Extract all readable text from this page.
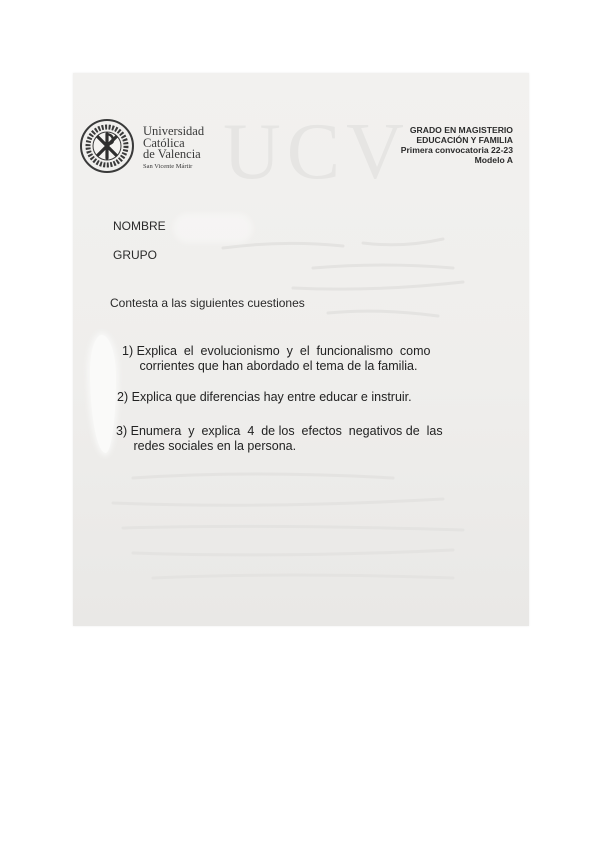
UCV
Universidad
Católica
de Valencia
San Vicente Mártir
GRADO EN MAGISTERIO
EDUCACIÓN Y FAMILIA
Primera convocatoria 22-23
Modelo A
NOMBRE
GRUPO
Contesta a las siguientes cuestiones
1) Explica  el  evolucionismo  y  el  funcionalismo  como
corrientes que han abordado el tema de la familia.
2) Explica que diferencias hay entre educar e instruir.
3) Enumera  y  explica  4  de los  efectos  negativos de  las
redes sociales en la persona.
